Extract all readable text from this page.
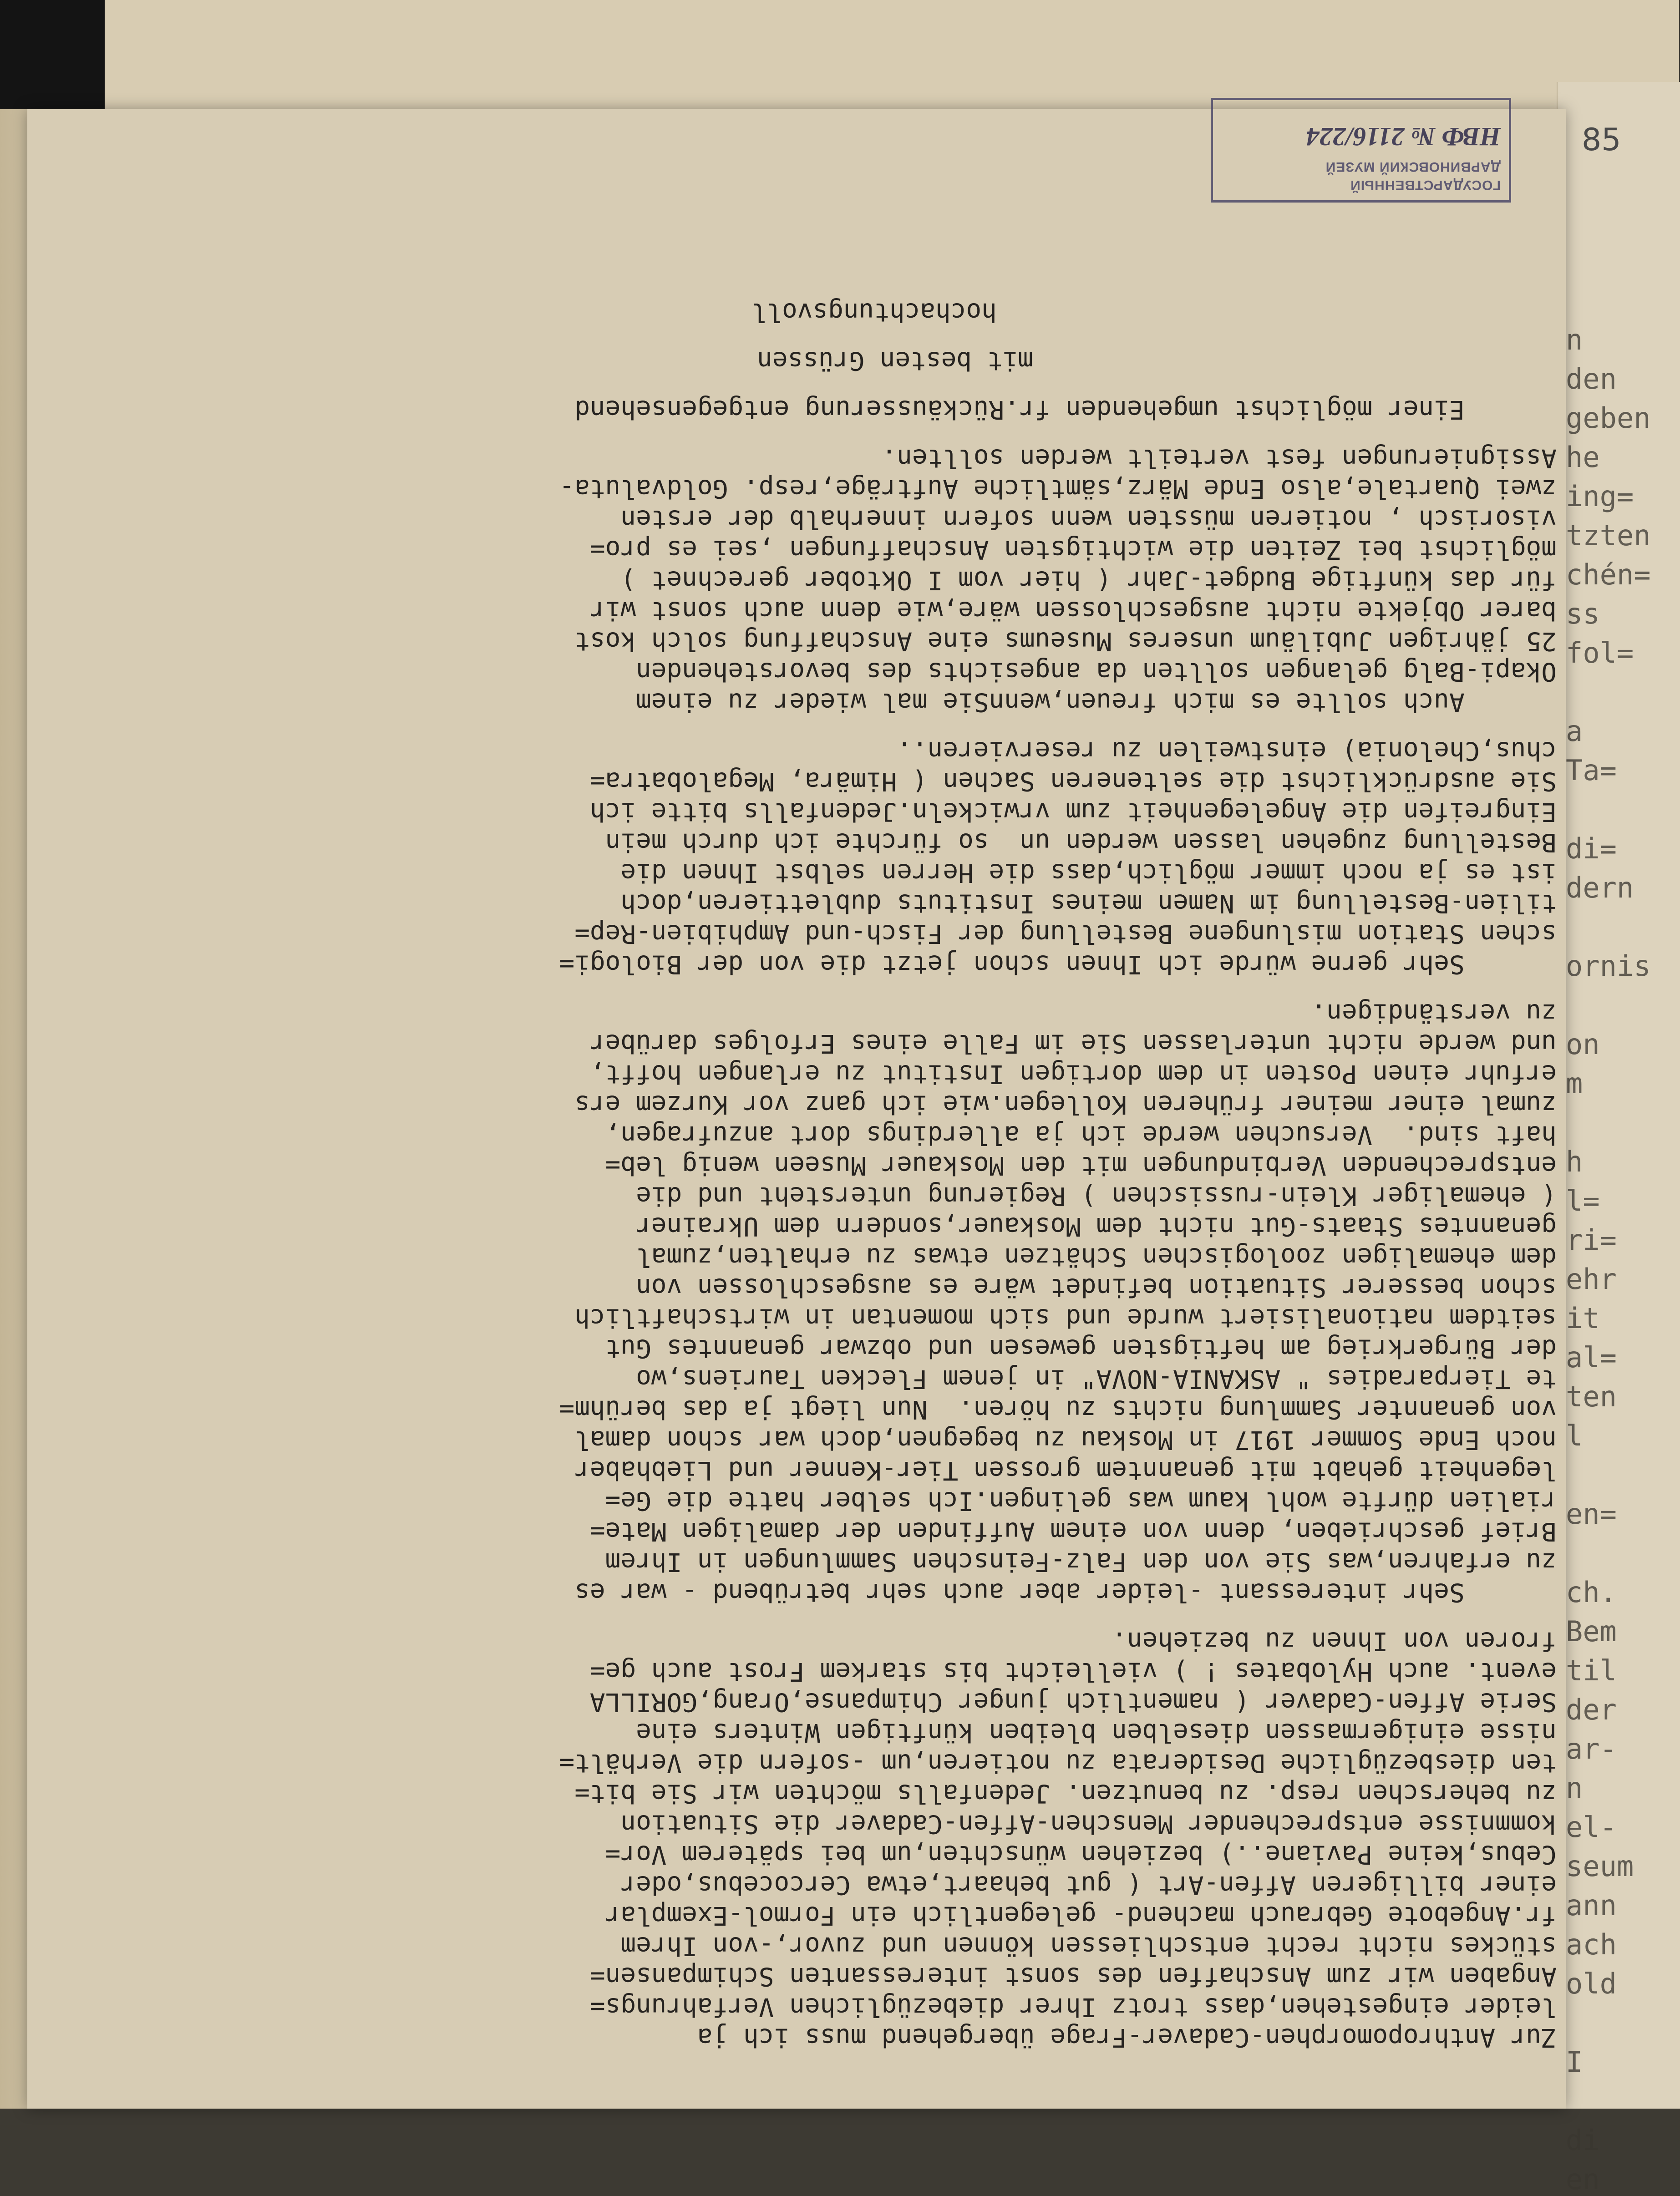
n
den
geben
he
ing=
tzten
chén=
ss
fol=
a
Ta=
di=
dern
ornis
on
m
h
l=
ri=
ehr
it
al=
ten
l
en=
ch.
Bem
til
der
ar-
n
el-
seum
ann
ach
old
I
di
en
85
ГОСУДАРСТВЕННЫЙ
ДАРВИНОВСКИЙ МУЗЕЙ
НВФ № 2116/224

Zur Anthropomorphen-Cadaver-Frage übergehend muss ich ja

leider eingestehen,dass trotz Ihrer diebezüglichen Verfahrungs=

Angaben wir zum Anschaffen des sonst interessanten Schimpansen=

stückes nicht recht entschliessen können und zuvor,-von Ihrem

fr.Angebote Gebrauch machend- gelegentlich ein Formol-Exemplar

einer billigeren Affen-Art ( gut behaart,etwa Cercocebus,oder

Cebus,keine Paviane..) beziehen wünschten,um bei späterem Vor=

kommnisse entsprechender Menschen-Affen-Cadaver die Situation

zu beherschen resp. zu benutzen. Jedenfalls möchten wir Sie bit=

ten diesbezügliche Desiderata zu notieren,um -sofern die Verhält=

nisse einigermassen dieselben bleiben künftigen Winters eine

Serie Affen-Cadaver ( namentlich junger Chimpanse,Orang,GORILLA

event. auch Hylobates ! ) vielleicht bis starkem Frost auch ge=

froren von Ihnen zu beziehen.

Sehr interessant -leider aber auch sehr betrübend - war es

zu erfahren,was Sie von den Falz-Feinschen Sammlungen in Ihrem

Brief geschrieben, denn von einem Auffinden der damaligen Mate=

rialien dürfte wohl kaum was gelingen.Ich selber hatte die Ge=

legenheit gehabt mit genanntem grossen Tier-Kenner und Liebhaber

noch Ende Sommer 1917 in Moskau zu begegnen,doch war schon damal

von genannter Sammlung nichts zu hören.  Nun liegt ja das berühm=

te Tierparadies " ASKANIA-NOVA" in jenem Flecken Tauriens,wo

der Bürgerkrieg am heftigsten gewesen und obzwar genanntes Gut

seitdem nationalisiert wurde und sich momentan in wirtschaftlich

schon besserer Situation befindet wäre es ausgeschlossen von

dem ehemaligen zoologischen Schätzen etwas zu erhalten,zumal

genanntes Staats-Gut nicht dem Moskauer,sondern dem Ukrainer

( ehemaliger Klein-russischen ) Regierung untersteht und die

entsprechenden Verbindungen mit den Moskauer Museen wenig leb=

haft sind.  Versuchen werde ich ja allerdings dort anzufragen,

zumal einer meiner früheren Kollegen.wie ich ganz vor Kurzem ers

erfuhr einen Posten in dem dortigen Institut zu erlangen hofft,

und werde nicht unterlassen Sie im Falle eines Erfolges darüber

zu verständigen.

Sehr gerne würde ich Ihnen schon jetzt die von der Biologi=

schen Station mislungene Bestellung der Fisch-und Amphibien-Rep=

tilien-Bestellung im Namen meines Instituts dublettieren,doch

ist es ja noch immer möglich,dass die Herren selbst Ihnen die

Bestellung zugehen lassen werden un  so fürchte ich durch mein

Eingreifen die Angelegenheit zum vrwickeln.Jedenfalls bitte ich

Sie ausdrücklichst die selteneren Sachen ( Himära, Megalobatra=

chus,Chelonia) einstweilen zu reservieren..

Auch sollte es mich freuen,wennSie mal wieder zu einem

Okapi-Balg gelangen sollten da angesichts des bevorstehenden

25 jährigen Jubiläum unseres Museums eine Anschaffung solch kost

barer Objekte nicht ausgeschlossen wäre,wie denn auch sonst wir

für das künftige Budget-Jahr ( hier vom I Oktober gerechnet )

möglichst bei Zeiten die wichtigsten Anschaffungen ,sei es pro=

visorisch , notieren müssten wenn sofern innerhalb der ersten

zwei Quartale,also Ende März,sämtliche Aufträge,resp. Goldvaluta-

Assignierungen fest verteilt werden sollten.

Einer möglichst umgehenden fr.Rückäusserung entgegensehend

mit besten Grüssen

hochachtungsvoll
